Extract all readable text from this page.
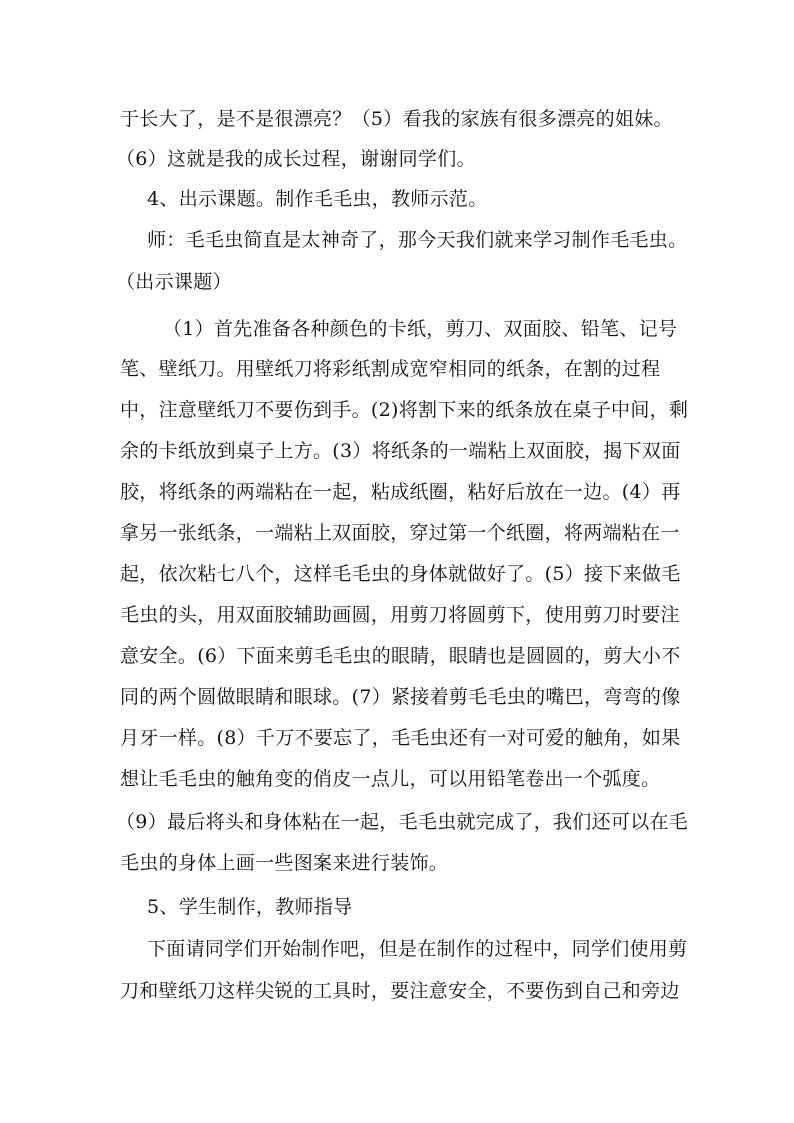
于长大了，是不是很漂亮？（5）看我的家族有很多漂亮的姐妹。
（6）这就是我的成长过程，谢谢同学们。
4、出示课题。制作毛毛虫，教师示范。
师：毛毛虫简直是太神奇了，那今天我们就来学习制作毛毛虫。
（出示课题）
（1）首先准备各种颜色的卡纸，剪刀、双面胶、铅笔、记号
笔、壁纸刀。用壁纸刀将彩纸割成宽窄相同的纸条，在割的过程
中，注意壁纸刀不要伤到手。(2)将割下来的纸条放在桌子中间，剩
余的卡纸放到桌子上方。(3）将纸条的一端粘上双面胶，揭下双面
胶，将纸条的两端粘在一起，粘成纸圈，粘好后放在一边。(4）再
拿另一张纸条，一端粘上双面胶，穿过第一个纸圈，将两端粘在一
起，依次粘七八个，这样毛毛虫的身体就做好了。(5）接下来做毛
毛虫的头，用双面胶辅助画圆，用剪刀将圆剪下，使用剪刀时要注
意安全。(6）下面来剪毛毛虫的眼睛，眼睛也是圆圆的，剪大小不
同的两个圆做眼睛和眼球。(7）紧接着剪毛毛虫的嘴巴，弯弯的像
月牙一样。(8）千万不要忘了，毛毛虫还有一对可爱的触角，如果
想让毛毛虫的触角变的俏皮一点儿，可以用铅笔卷出一个弧度。
（9）最后将头和身体粘在一起，毛毛虫就完成了，我们还可以在毛
毛虫的身体上画一些图案来进行装饰。
5、学生制作，教师指导
下面请同学们开始制作吧，但是在制作的过程中，同学们使用剪
刀和壁纸刀这样尖锐的工具时，要注意安全，不要伤到自己和旁边
